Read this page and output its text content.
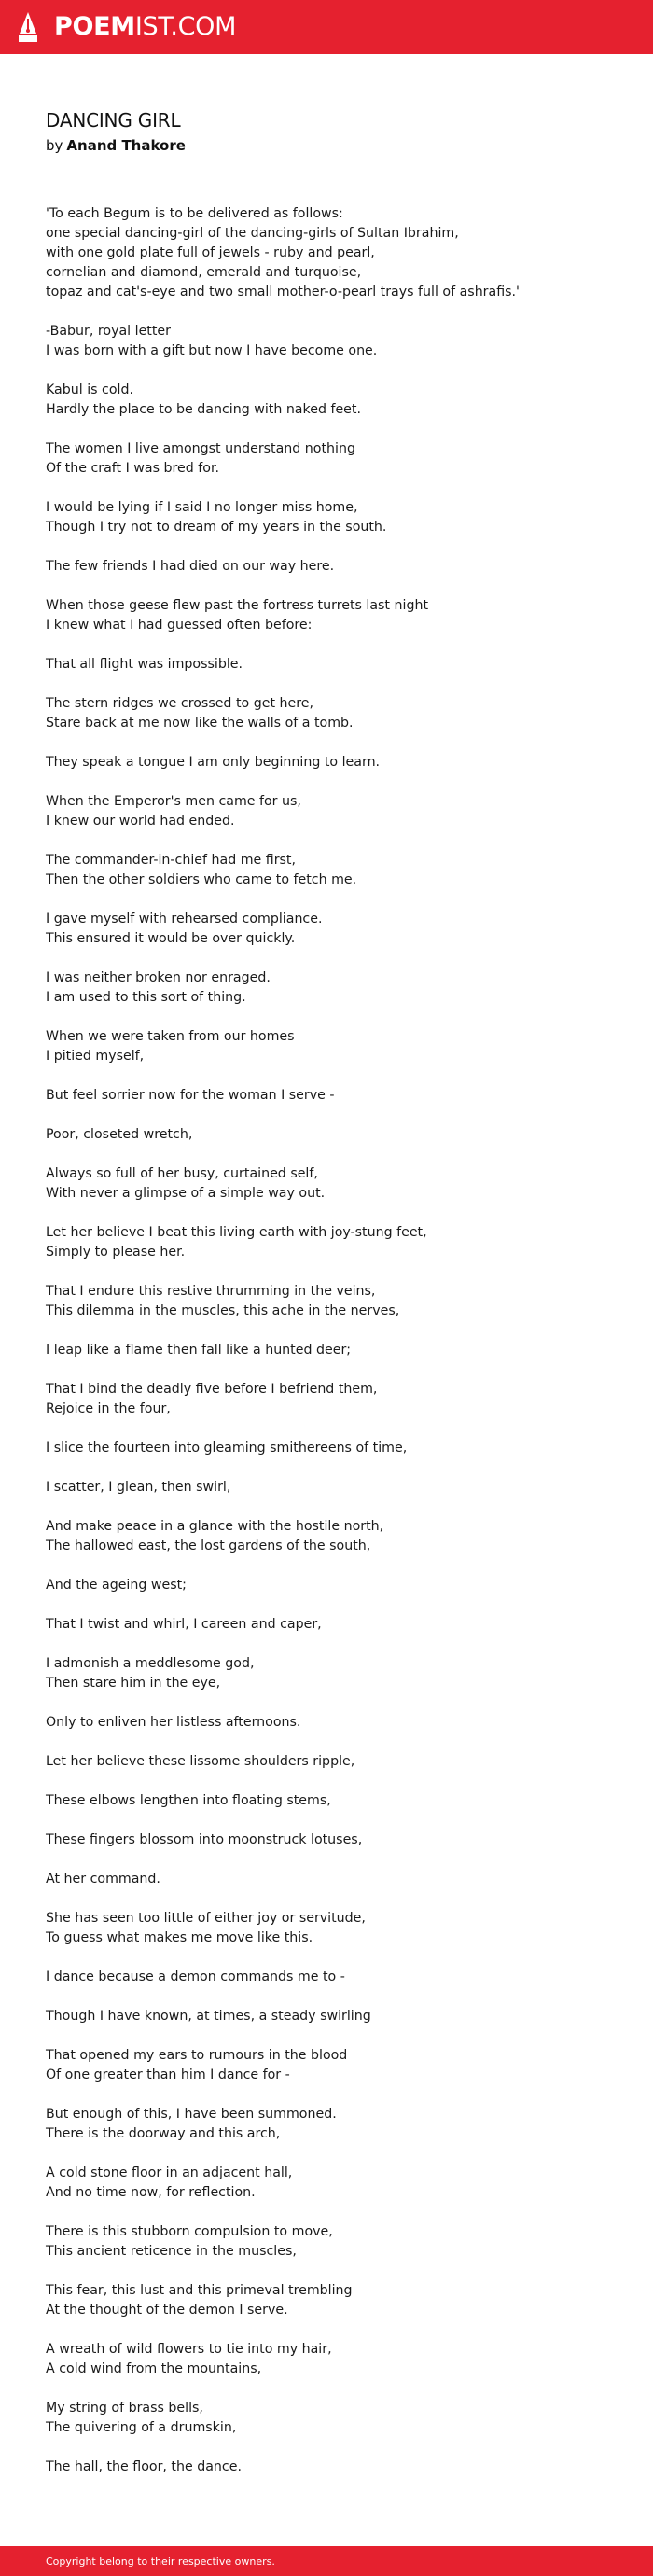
POEMIST.COM
DANCING GIRL
by Anand Thakore
'To each Begum is to be delivered as follows:
one special dancing-girl of the dancing-girls of Sultan Ibrahim,
with one gold plate full of jewels - ruby and pearl,
cornelian and diamond, emerald and turquoise,
topaz and cat's-eye and two small mother-o-pearl trays full of ashrafis.'
-Babur, royal letter
I was born with a gift but now I have become one.
Kabul is cold.
Hardly the place to be dancing with naked feet.
The women I live amongst understand nothing
Of the craft I was bred for.
I would be lying if I said I no longer miss home,
Though I try not to dream of my years in the south.
The few friends I had died on our way here.
When those geese flew past the fortress turrets last night
I knew what I had guessed often before:
That all flight was impossible.
The stern ridges we crossed to get here,
Stare back at me now like the walls of a tomb.
They speak a tongue I am only beginning to learn.
When the Emperor's men came for us,
I knew our world had ended.
The commander-in-chief had me first,
Then the other soldiers who came to fetch me.
I gave myself with rehearsed compliance.
This ensured it would be over quickly.
I was neither broken nor enraged.
I am used to this sort of thing.
When we were taken from our homes
I pitied myself,
But feel sorrier now for the woman I serve -
Poor, closeted wretch,
Always so full of her busy, curtained self,
With never a glimpse of a simple way out.
Let her believe I beat this living earth with joy-stung feet,
Simply to please her.
That I endure this restive thrumming in the veins,
This dilemma in the muscles, this ache in the nerves,
I leap like a flame then fall like a hunted deer;
That I bind the deadly five before I befriend them,
Rejoice in the four,
I slice the fourteen into gleaming smithereens of time,
I scatter, I glean, then swirl,
And make peace in a glance with the hostile north,
The hallowed east, the lost gardens of the south,
And the ageing west;
That I twist and whirl, I careen and caper,
I admonish a meddlesome god,
Then stare him in the eye,
Only to enliven her listless afternoons.
Let her believe these lissome shoulders ripple,
These elbows lengthen into floating stems,
These fingers blossom into moonstruck lotuses,
At her command.
She has seen too little of either joy or servitude,
To guess what makes me move like this.
I dance because a demon commands me to -
Though I have known, at times, a steady swirling
That opened my ears to rumours in the blood
Of one greater than him I dance for -
But enough of this, I have been summoned.
There is the doorway and this arch,
A cold stone floor in an adjacent hall,
And no time now, for reflection.
There is this stubborn compulsion to move,
This ancient reticence in the muscles,
This fear, this lust and this primeval trembling
At the thought of the demon I serve.
A wreath of wild flowers to tie into my hair,
A cold wind from the mountains,
My string of brass bells,
The quivering of a drumskin,
The hall, the floor, the dance.
Copyright belong to their respective owners.
